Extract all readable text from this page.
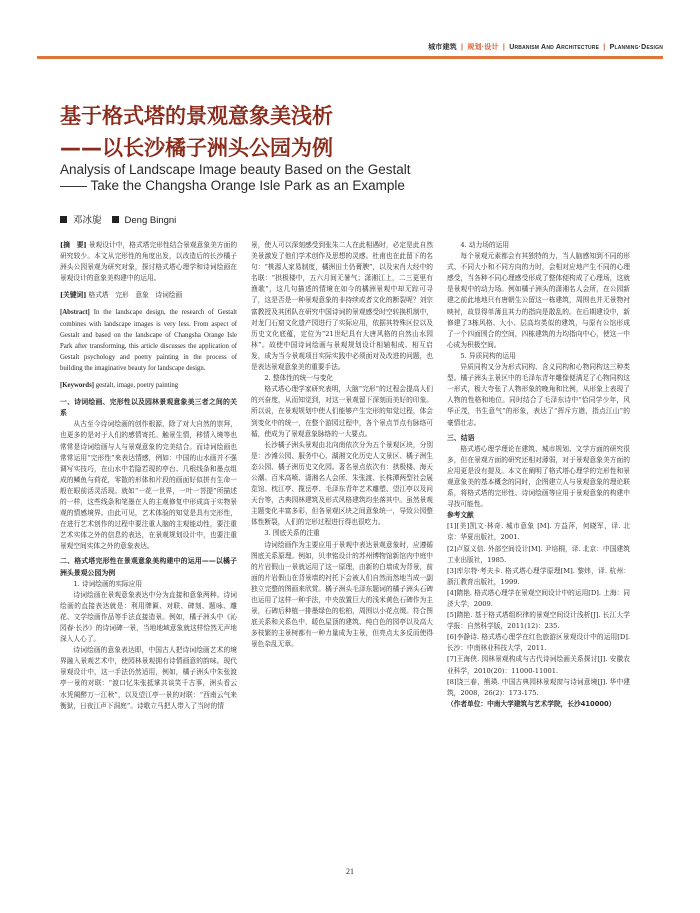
城市建筑 | 规划·设计 | Urbanism And Architecture | Planning·Design
基于格式塔的景观意象美浅析
——以长沙橘子洲头公园为例
Analysis of Landscape Image beauty Based on the Gestalt
—— Take the Changsha Orange Isle Park as an Example
邓冰旎 Deng Bingni

[摘　要] 景观设计中，格式塔完形性结合景观意象美方面的研究较少。本文从完形性的角度出发，以改造后的长沙橘子洲头公园景观为研究对象，探讨格式塔心理学和诗词绘画在景观设计的意象美构建中的运用。

[关键词] 格式塔　完形　意象　诗词绘画

[Abstract] In the landscape design, the research of Gestalt combines with landscape images is very less. From aspect of Gestalt and based on the landscape of Changsha Orange Isle Park after transforming, this article discusses the application of Gestalt psychology and poetry painting in the process of building the imaginative beauty for landscape design.

[Keywords] gestalt, image, poetry painting

一、诗词绘画、完形性以及园林景观意象美三者之间的关系

从古至今诗词绘画的创作根源，除了对大自然的崇拜，也更多的是对于人们的感情寄托。触景生情，移情入境等也常常是诗词绘画与人与景观意象的完美结合。而诗词绘画也常常运用“完形性”来表达情感，例如：中国的山水画并不强调写实技巧，在山水中若隐若现的亭台、几根线条和墨点组成的鳞鱼与荷花，零散的形体和片段的画面好似拼有生命一般在眼前活灵活现。就如“一花一世界，一叶一菩提”所描述的一样，这些线条和笔墨在人的主观修复中形成高于实物景观的情感境界。由此可见，艺术体验的知觉是具有完形性，在进行艺术创作的过程中要注重人脑的主观能动性，要注重艺术实体之外的信息的表达，在景观规划设计中，也要注重景观空间实体之外的意象表达。

二、格式塔完形性在景观意象美构建中的运用——以橘子洲头景观公园为例
1. 诗词绘画的实际应用

诗词绘画在景观意象表达中分为直接和意象两种。诗词绘画的直接表达就是：利用牌匾、对联、碑刻、题咏、雕花、文学绘画作品等手法直接造景。例如，橘子洲头中《沁园春·长沙》的诗词碑一景，当地地域意象就这样恰然无声地深入人心了。

诗词绘画的意象表达即，中国古人把诗词绘画艺术的境界融入景观艺术中，使园林景观拥有诗情画意的韵味。现代景观设计中，这一手法仍然适用，例如，橘子洲头中朱张渡亭一景的对联：“渡口忆朱张抵掌共谈笑千古事，洲头看云水凭阑醉万一江秋”，以及望江亭一景的对联：“西南云气来衡狱，日夜江声下洞庭”。诗歌立马把人带入了当时的情

景，使人可以深刻感受到张朱二人在此相遇时，必定是此自然美景激发了他们学术创作及思想的灵感。杜甫也在此留下的名句：“桃源人家易制度，橘洲田土仍膏腴”，以及宋肖大经中的名联：“拱极楼中，五六月间无暑气；潇湘江上，二三更里有渔歌”，这几句描述的情境在如今的橘洲景观中却无踪可寻了，这是否是一种景观意象的非持续或者文化的断裂呢？刘宗富教授及其团队在研究中国诗词的景观感受时空转换机制中，对龙门石窟文化遗产园进行了实际应用，依据其特殊区位以及历史文化底蕴，定位为“21世纪具有大唐风格的自然山水园林”。故使中国诗词绘画与景观规划设计相辅相成、相互启发，成为当今景观项目实际实践中必须面对及改进的问题，也是表达景观意象美的重要手法。

2. 整体性的统一与变化

格式塔心理学家研究表明，大脑“完形”的过程会提高人们的兴奋度，从而知觉到，对这一景观留下深刻而美好的印象。所以说，在景观规划中使人们能够产生完形的知觉过程，体会到变化中的统一，在整个游园过程中，各个景点节点有脉络可循，使成为了景观意象脉络的一大要点。

长沙橘子洲头景观由北向南依次分为五个景观区块，分别是：沙滩公园、服务中心、湖湘文化历史人文景区、橘子洲生态公园、橘子洲历史文化园。著名景点依次有：拱极楼、海天公潮、百米高喷、潇湘名人会所、朱张渡、长株潭两型社会展览馆、枕江亭、揽岳亭、毛泽东青年艺术雕塑、望江亭以及问天台等，古典园林建筑及形式风格建筑均坐落其中。虽然景观主题变化丰富多彩，但各景观区块之间意象统一，导致公园整体性断裂，人们的完形过程进行得也很吃力。

3. 围底关系的注重

诗词绘画作为主要应用于景观中表达景观意象时，应遵循图底关系原理。例如，贝聿铭设计的苏州博物馆新馆内中庭中的片岩假山一景就运用了这一原理，由新的白墙成为背景，前面的片岩假山在背景墙的衬托下会被人们自然而然地当成一副独立完整的图画来欣赏。橘子洲头毛泽东题词的橘子洲头石碑也运用了这样一种手法，中央放置巨大的浅米黄色石碑作为主景，石碑后种植一排墨绿色的松柏，周围以小花点缀。符合图底关系和关系色中，暖色屋顶的建筑、纯白色的园亭以及高大多枝繁的主景树都有一种力量成为主景，但亮点太多反而使得景色杂乱无章。

4. 动力场的运用

每个景观元素都会有其独特的力，当人脑感知到不同的形式、不同大小和不同方向的力时，会相对应地产生不同的心理感受，当各种不同心理感受形成了整体便构成了心理场，这就是景观中的动力场。例如橘子洲头的潇湘名人会所，在公园新建之前此地地只有唐朝生公留这一栋建筑，周围也并无景物衬映衬，故显得单薄且其力的指向是散乱的。在后期建设中，新修建了3栋风格、大小、层高均类似的建筑，与原有公馆形成了一个四面围合的空间，四栋建筑的力均指向中心，使这一中心成为积极空间。

5. 异质同构的运用

异质同构又分为形式同构、含义同构和心物同构这三种类型。橘子洲头主景区中的毛泽东青年雕像便满足了心物同构这一形式，极大夸张了人物形象的晚角和比例，从形象上表现了人物的性格和地位。同时结合了毛泽东诗中“恰同学少年，风华正茂，书生意气”的形象，表达了“挥斥方遒，指点江山”的豪情壮志。

三、结语

格式塔心理学理论在建筑、城市规划、文学方面的研究很多，但在景观方面的研究还相对薄弱，对于景观意象美方面的应用更是没有提及。本文在阐明了格式塔心理学的完形性和景观意象美的基本概念的同时，企图建立人与景观意象的理论联系，将格式塔的完形性、诗词绘画等应用于景观意象的构建中寻找可能性。

参考文献

[1][美]凯文·林奇. 城市意象 [M]. 方益萍，何晓军，译. 北京：华夏出版社，2001.

[2]卢原义信. 外部空间设计[M]. 尹培桐，译. 北京：中国建筑工业出版社，1985.

[3]库尔特·考夫卡. 格式塔心理学原理[M]. 黎炜，译. 杭州：浙江教育出版社，1999.

[4]隋艳. 格式塔心理学在景观空间设计中的运用[D]. 上海：同济大学，2009.

[5]隋艳. 基于格式塔组织律的景观空间设计浅析[J]. 长江大学学报：自然科学版，2011(12)：235.

[6]李静诗. 格式塔心理学在红色旅游区景观设计中的运用[D]. 长沙：中南林业科技大学，2011.

[7]王海侠. 园林景观构成与古代诗词绘画关系探讨[J]. 安徽农业科学，2010(20)：11000-11001.

[8]饶三春，熊瑛. 中国古典园林景观窗与诗词意境[J]. 华中建筑，2008，26(2)：173-175.

（作者单位：中南大学建筑与艺术学院，长沙410000）

21
